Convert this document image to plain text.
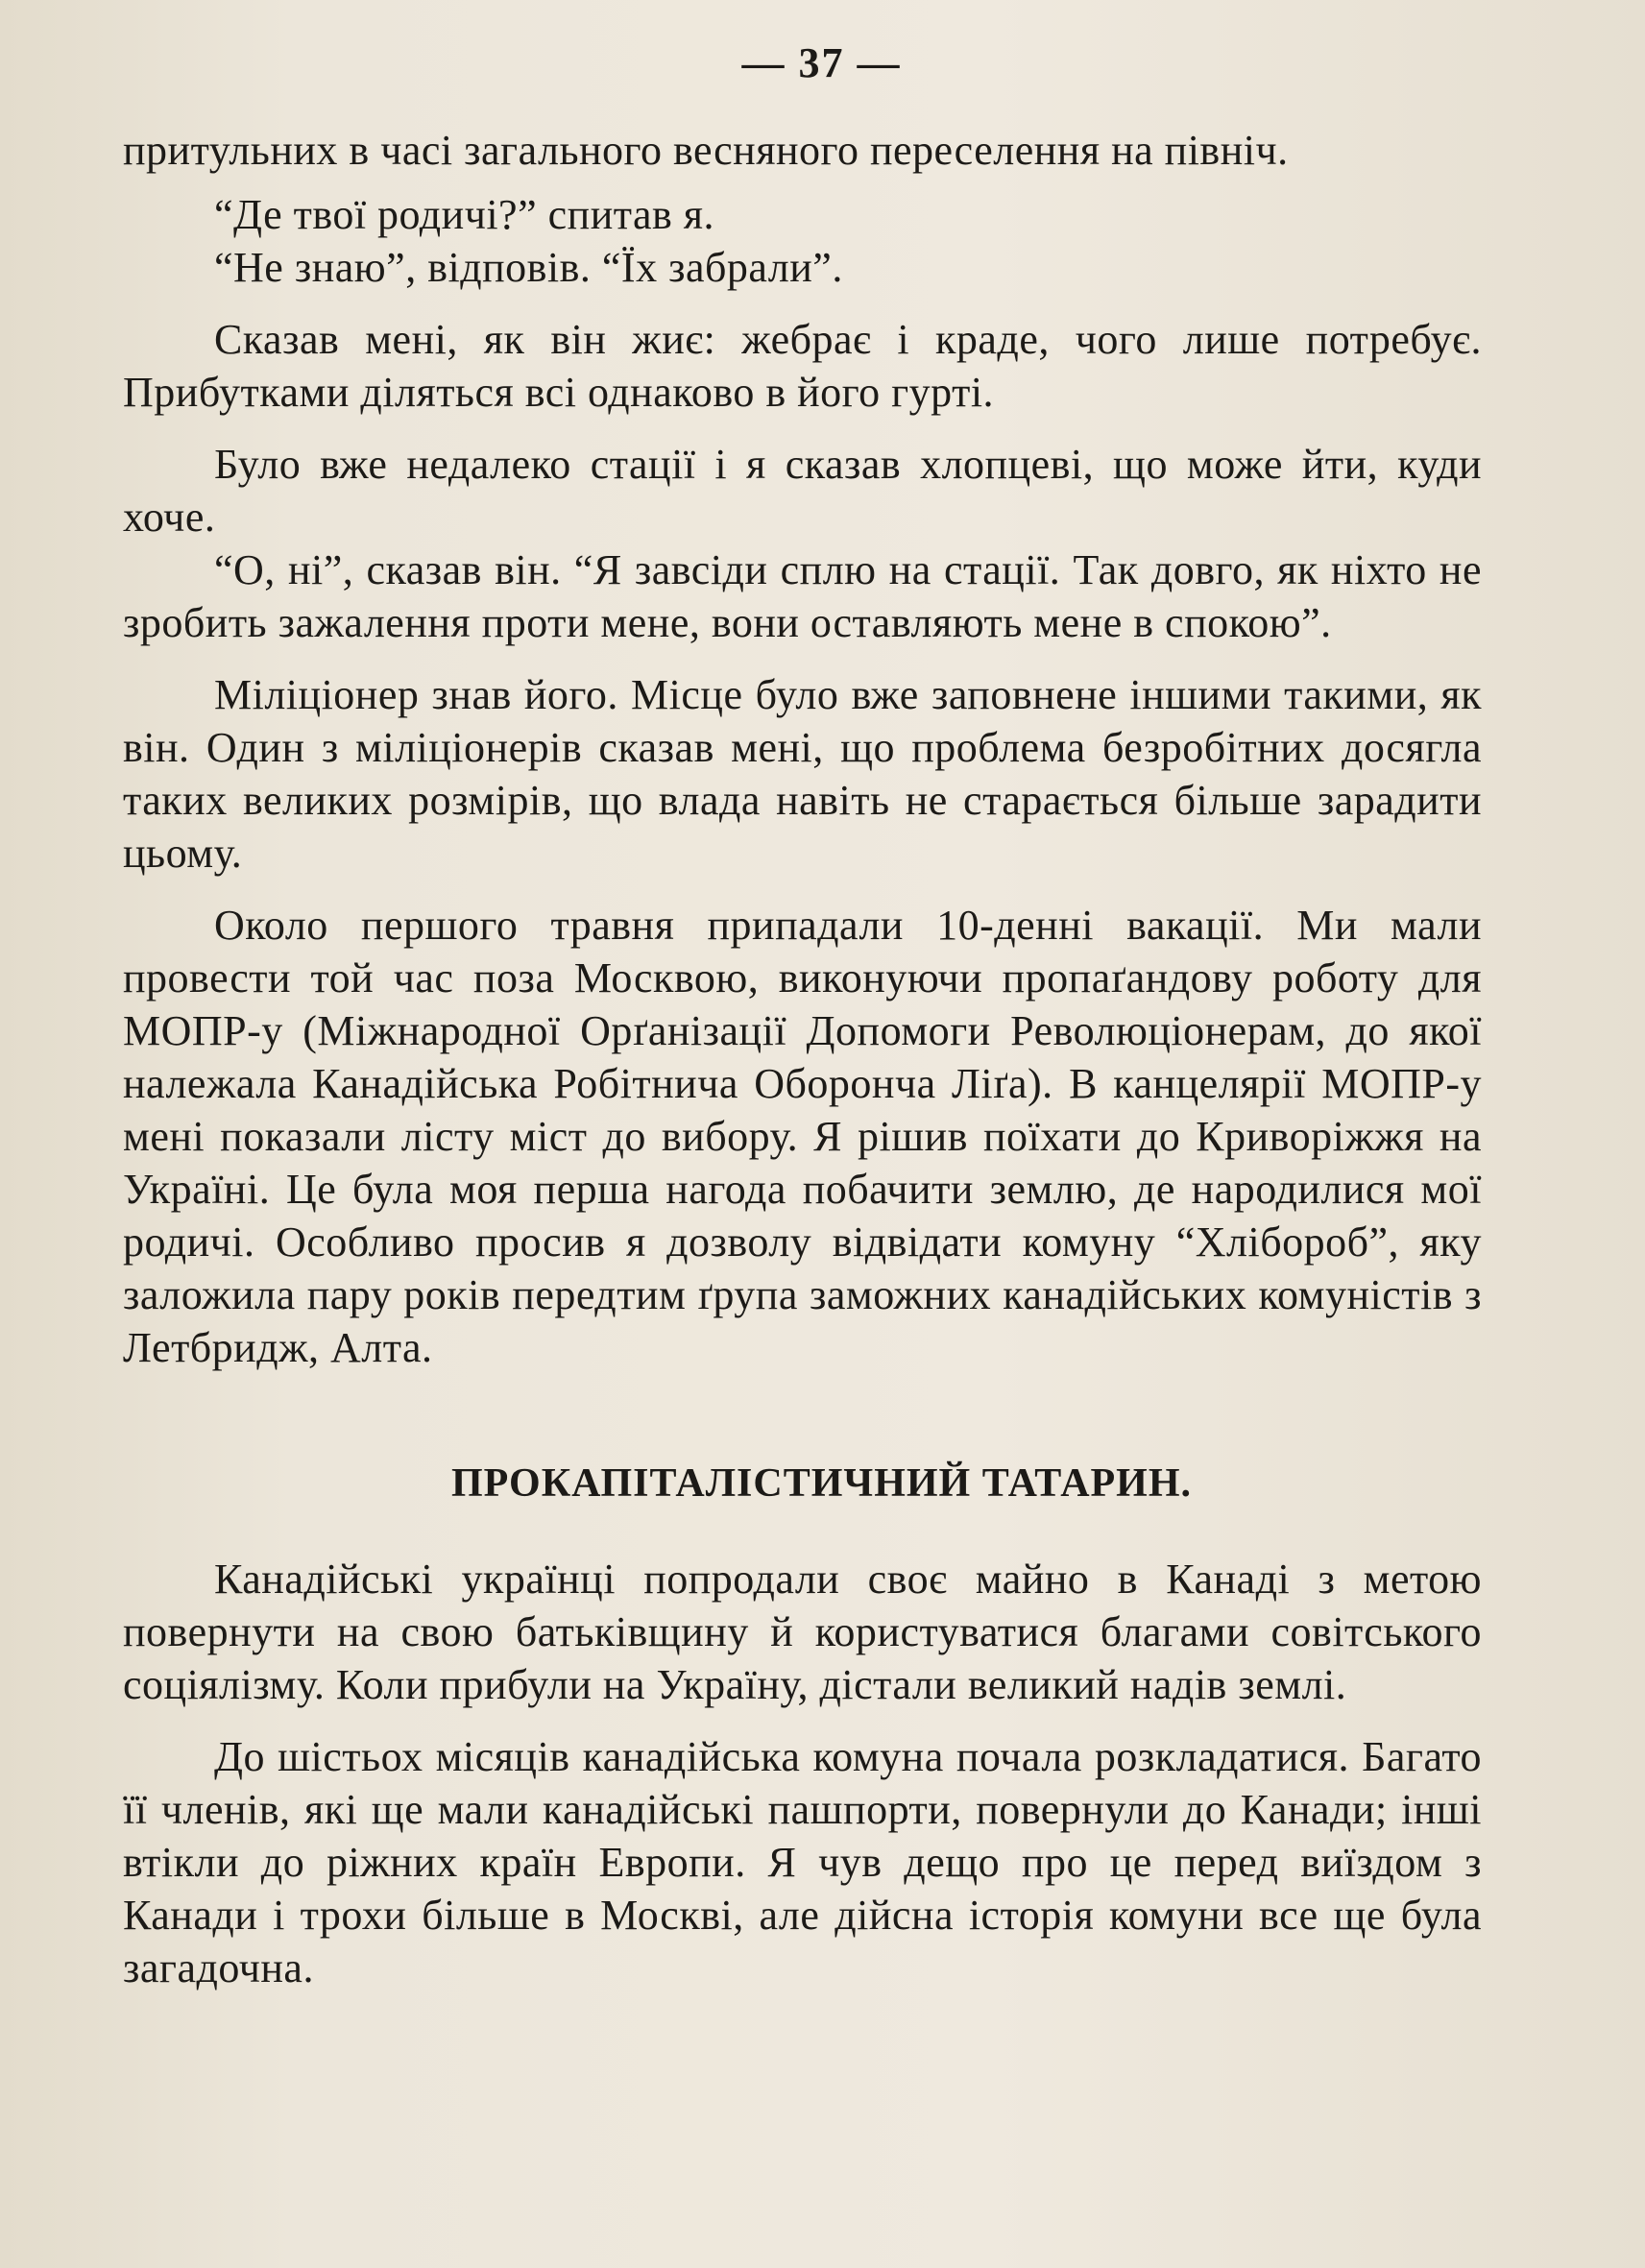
— 37 —

притульних в часі загального весняного переселення на північ.

“Де твої родичі?” спитав я.

“Не знаю”, відповів. “Їх забрали”.

Сказав мені, як він жиє: жебрає і краде, чого лише потребує. Прибутками діляться всі однаково в його гурті.

Було вже недалеко стації і я сказав хлопцеві, що може йти, куди хоче.

“О, ні”, сказав він. “Я завсіди сплю на стації. Так довго, як ніхто не зробить зажалення проти мене, вони оставляють мене в спокою”.

Міліціонер знав його. Місце було вже заповнене іншими такими, як він. Один з міліціонерів сказав мені, що проблема безробітних досягла таких великих розмірів, що влада навіть не старається більше зарадити цьому.

Около першого травня припадали 10-денні вакації. Ми мали провести той час поза Москвою, виконуючи пропаґандову роботу для МОПР-у (Міжнародної Орґанізації Допомоги Революціонерам, до якої належала Канадійська Робітнича Оборонча Ліґа). В канцелярії МОПР-у мені показали лісту міст до вибору. Я рішив поїхати до Криворіжжя на Україні. Це була моя перша нагода побачити землю, де народилися мої родичі. Особливо просив я дозволу відвідати комуну “Хлібороб”, яку заложила пару років передтим ґрупа заможних канадійських комуністів з Летбридж, Алта.

ПРОКАПІТАЛІСТИЧНИЙ ТАТАРИН.

Канадійські українці попродали своє майно в Канаді з метою повернути на свою батьківщину й користуватися благами совітського соціялізму. Коли прибули на Україну, дістали великий надів землі.

До шістьох місяців канадійська комуна почала розкладатися. Багато її членів, які ще мали канадійські пашпорти, повернули до Канади; інші втікли до ріжних країн Европи. Я чув дещо про це перед виїздом з Канади і трохи більше в Москві, але дійсна історія комуни все ще була загадочна.
